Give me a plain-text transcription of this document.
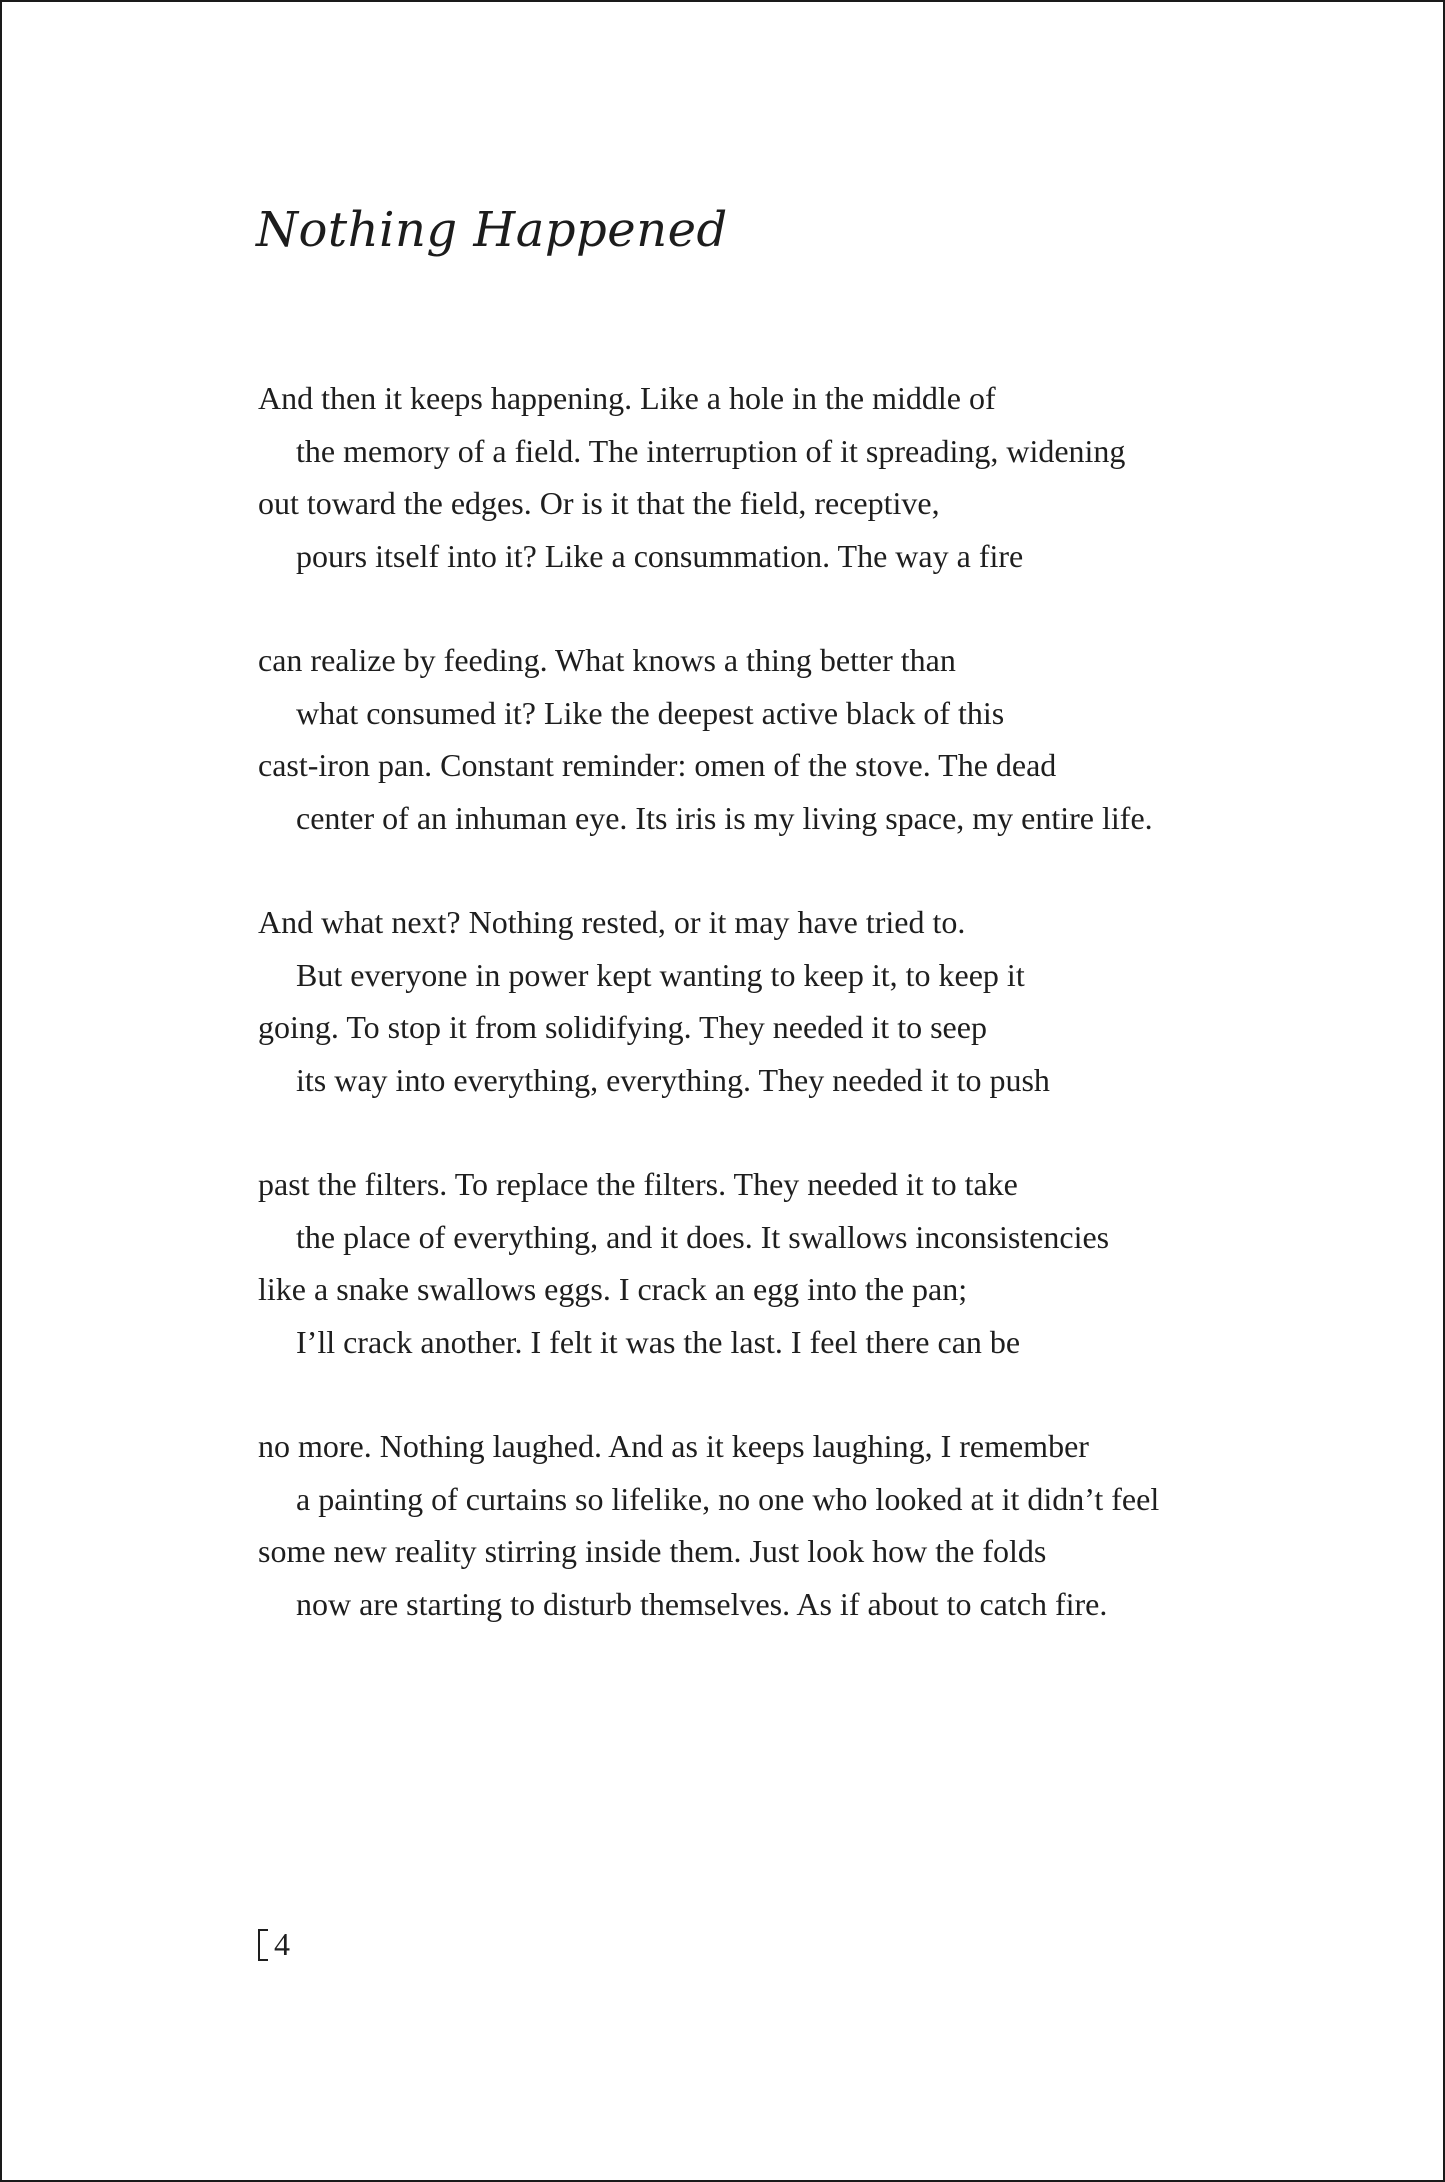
Nothing Happened
And then it keeps happening. Like a hole in the middle of
the memory of a field. The interruption of it spreading, widening
out toward the edges. Or is it that the field, receptive,
pours itself into it? Like a consummation. The way a fire
can realize by feeding. What knows a thing better than
what consumed it? Like the deepest active black of this
cast-iron pan. Constant reminder: omen of the stove. The dead
center of an inhuman eye. Its iris is my living space, my entire life.
And what next? Nothing rested, or it may have tried to.
But everyone in power kept wanting to keep it, to keep it
going. To stop it from solidifying. They needed it to seep
its way into everything, everything. They needed it to push
past the filters. To replace the filters. They needed it to take
the place of everything, and it does. It swallows inconsistencies
like a snake swallows eggs. I crack an egg into the pan;
I’ll crack another. I felt it was the last. I feel there can be
no more. Nothing laughed. And as it keeps laughing, I remember
a painting of curtains so lifelike, no one who looked at it didn’t feel
some new reality stirring inside them. Just look how the folds
now are starting to disturb themselves. As if about to catch fire.
4
